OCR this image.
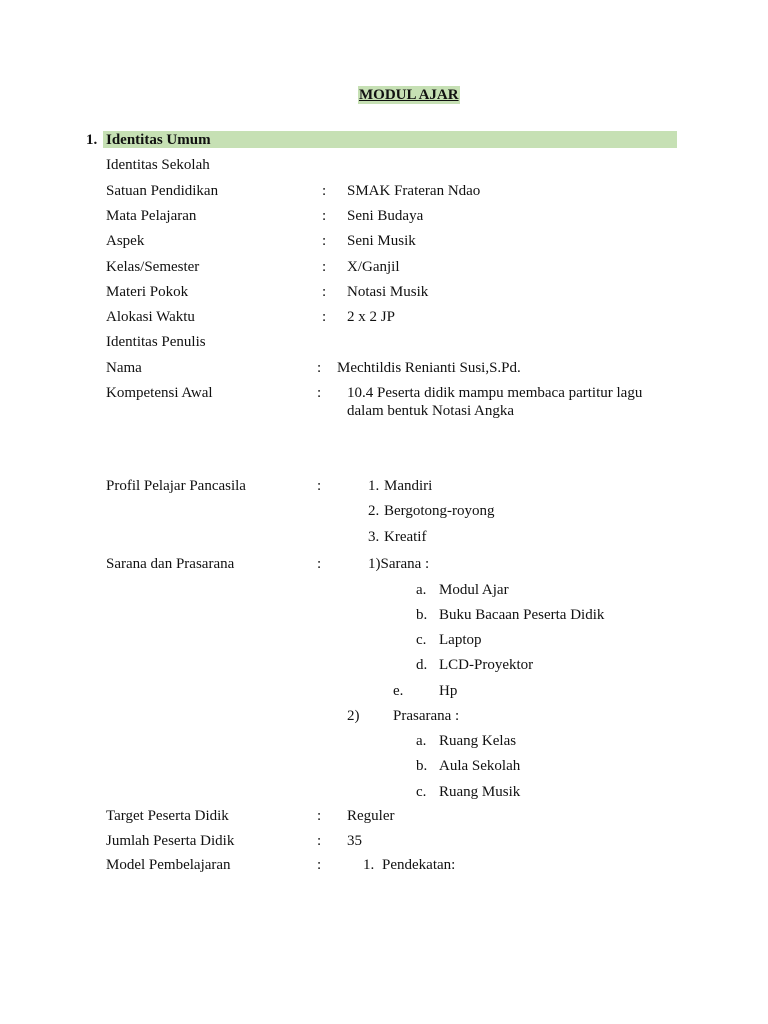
MODUL AJAR
1. Identitas Umum
Identitas Sekolah
Satuan Pendidikan	: SMAK Frateran Ndao
Mata Pelajaran	: Seni Budaya
Aspek	: Seni Musik
Kelas/Semester	: X/Ganjil
Materi Pokok	: Notasi Musik
Alokasi Waktu	: 2 x 2 JP
Identitas Penulis
Nama	: Mechtildis Renianti Susi,S.Pd.
Kompetensi Awal	: 10.4 Peserta didik mampu membaca partitur lagu dalam bentuk Notasi Angka
Profil Pelajar Pancasila	:	1. Mandiri
2. Bergotong-royong
3. Kreatif
Sarana dan Prasarana	:	1)Sarana :
a. Modul Ajar
b. Buku Bacaan Peserta Didik
c. Laptop
d. LCD-Proyektor
e. Hp
2) Prasarana :
a. Ruang Kelas
b. Aula Sekolah
c. Ruang Musik
Target Peserta Didik	: Reguler
Jumlah Peserta Didik	: 35
Model Pembelajaran	:	1. Pendekatan:
